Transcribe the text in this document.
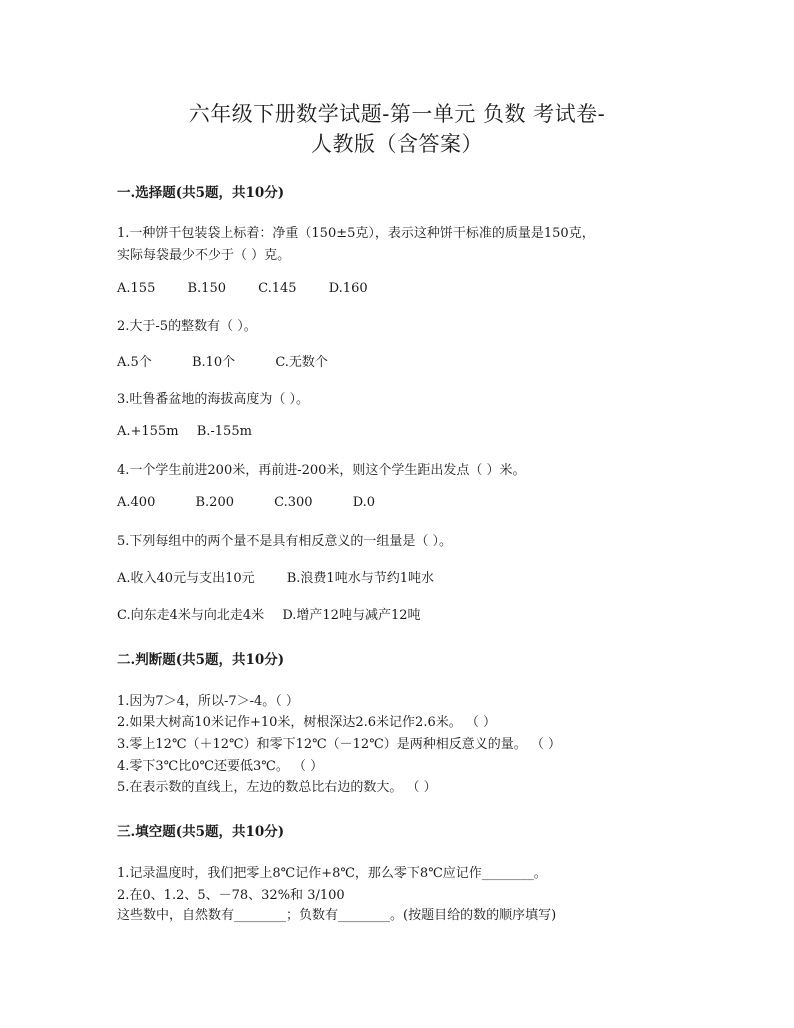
六年级下册数学试题-第一单元 负数 考试卷-
人教版（含答案）
一.选择题(共5题，共10分)
1.一种饼干包装袋上标着：净重（150±5克），表示这种饼干标准的质量是150克，
实际每袋最少不少于（ ）克。
A.155 B.150 C.145 D.160
2.大于-5的整数有（ ）。
A.5个	B.10个	C.无数个
3.吐鲁番盆地的海拔高度为（ ）。
A.+155m B.-155m
4.一个学生前进200米，再前进-200米，则这个学生距出发点（ ）米。
A.400	B.200	C.300	D.0
5.下列每组中的两个量不是具有相反意义的一组量是（ ）。
A.收入40元与支出10元 B.浪费1吨水与节约1吨水
C.向东走4米与向北走4米 D.增产12吨与减产12吨
二.判断题(共5题，共10分)
1.因为7＞4，所以-7＞-4。（ ）
2.如果大树高10米记作+10米，树根深达2.6米记作2.6米。 （ ）
3.零上12℃（＋12℃）和零下12℃（－12℃）是两种相反意义的量。 （ ）
4.零下3℃比0℃还要低3℃。 （ ）
5.在表示数的直线上，左边的数总比右边的数大。 （ ）
三.填空题(共5题，共10分)
1.记录温度时，我们把零上8℃记作+8℃，那么零下8℃应记作________。
2.在0、1.2、5、－78、32%和 3/100
这些数中，自然数有________；负数有________。(按题目给的数的顺序填写)
